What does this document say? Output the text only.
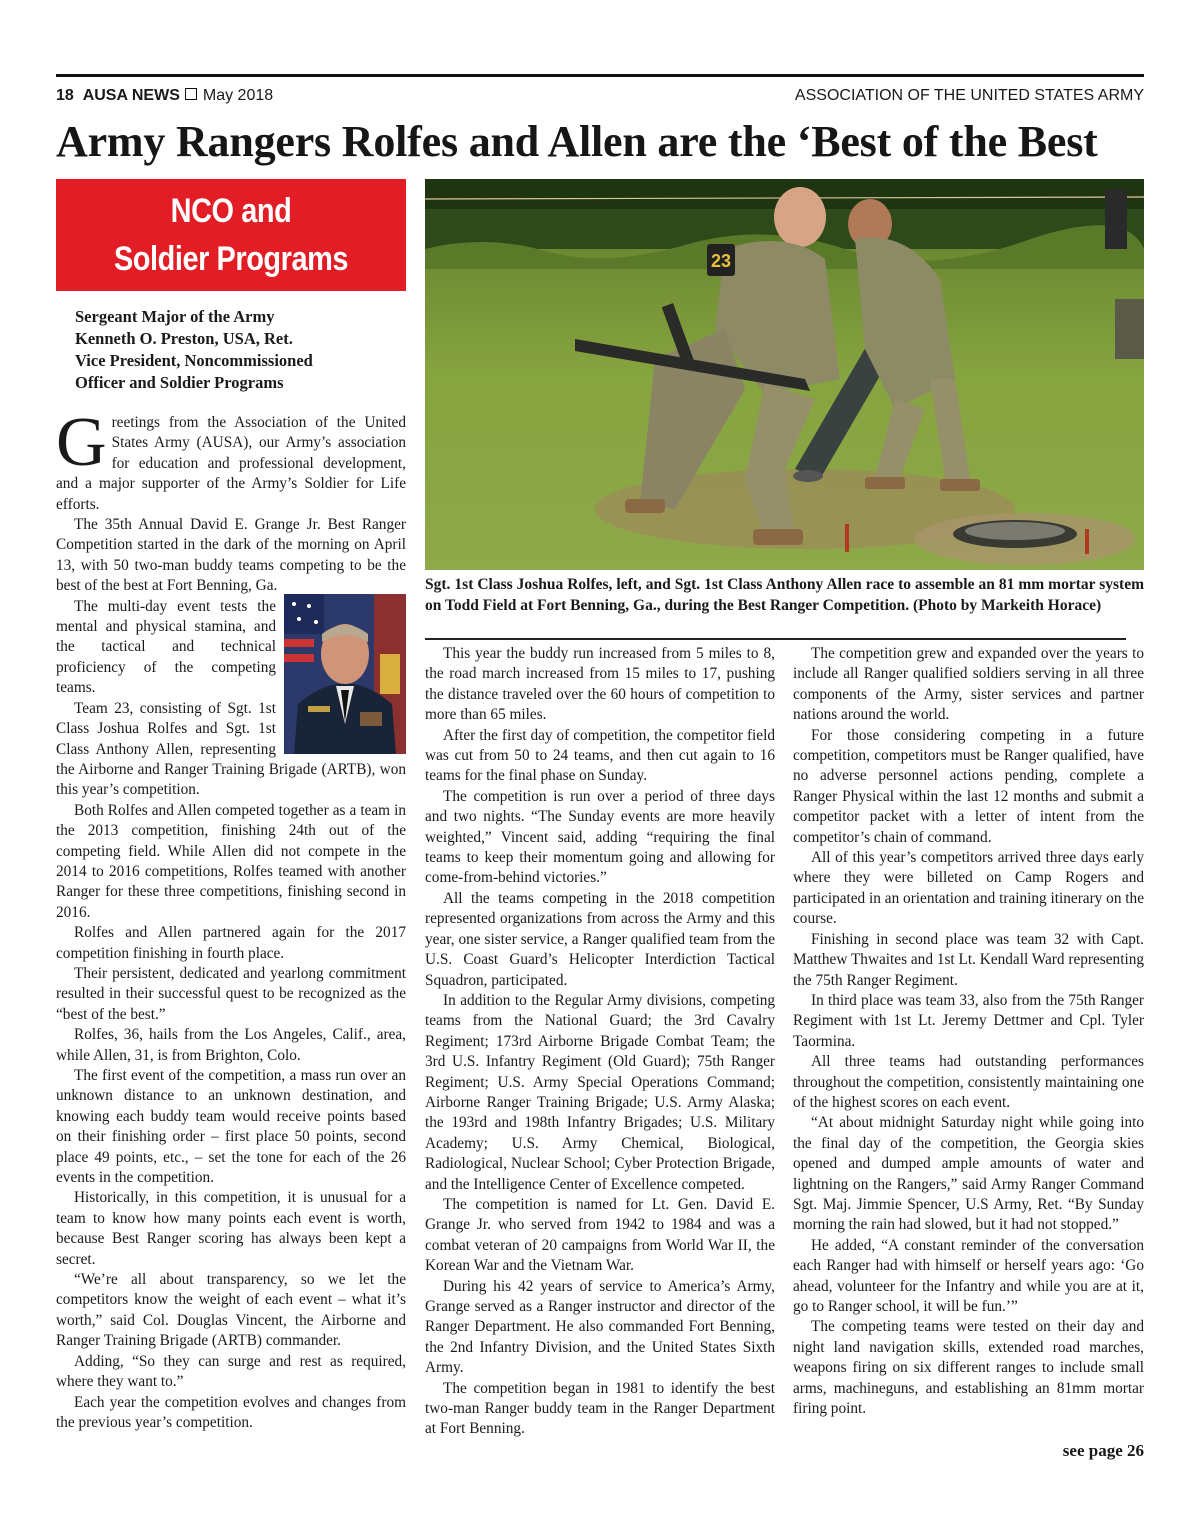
18 AUSA NEWS May 2018	ASSOCIATION OF THE UNITED STATES ARMY
Army Rangers Rolfes and Allen are the ‘Best of the Best
NCO and
Soldier Programs
Sergeant Major of the Army
Kenneth O. Preston, USA, Ret.
Vice President, Noncommissioned
Officer and Soldier Programs
23
Sgt. 1st Class Joshua Rolfes, left, and Sgt. 1st Class Anthony Allen race to assemble an 81 mm mortar system on Todd Field at Fort Benning, Ga., during the Best Ranger Competition. (Photo by Markeith Horace)

Greetings from the Association of the United States Army (AUSA), our Army’s association for education and professional development, and a major supporter of the Army’s Soldier for Life efforts.

The 35th Annual David E. Grange Jr. Best Ranger Competition started in the dark of the morning on April 13, with 50 two-man buddy teams competing to be the best of the best at Fort Benning, Ga.

The multi-day event tests the mental and physical stamina, and the tactical and technical proficiency of the competing teams.

Team 23, consisting of Sgt. 1st Class Joshua Rolfes and Sgt. 1st Class Anthony Allen, representing the Airborne and Ranger Training Brigade (ARTB), won this year’s competition.

Both Rolfes and Allen competed together as a team in the 2013 competition, finishing 24th out of the competing field. While Allen did not compete in the 2014 to 2016 competitions, Rolfes teamed with another Ranger for these three competitions, finishing second in 2016.

Rolfes and Allen partnered again for the 2017 competition finishing in fourth place.

Their persistent, dedicated and yearlong commitment resulted in their successful quest to be recognized as the “best of the best.”

Rolfes, 36, hails from the Los Angeles, Calif., area, while Allen, 31, is from Brighton, Colo.

The first event of the competition, a mass run over an unknown distance to an unknown destination, and knowing each buddy team would receive points based on their finishing order – first place 50 points, second place 49 points, etc., – set the tone for each of the 26 events in the competition.

Historically, in this competition, it is unusual for a team to know how many points each event is worth, because Best Ranger scoring has always been kept a secret.

“We’re all about transparency, so we let the competitors know the weight of each event – what it’s worth,” said Col. Douglas Vincent, the Airborne and Ranger Training Brigade (ARTB) commander.

Adding, “So they can surge and rest as required, where they want to.”

Each year the competition evolves and changes from the previous year’s competition.

This year the buddy run increased from 5 miles to 8, the road march increased from 15 miles to 17, pushing the distance traveled over the 60 hours of competition to more than 65 miles.

After the first day of competition, the competitor field was cut from 50 to 24 teams, and then cut again to 16 teams for the final phase on Sunday.

The competition is run over a period of three days and two nights. “The Sunday events are more heavily weighted,” Vincent said, adding “requiring the final teams to keep their momentum going and allowing for come-from-behind victories.”

All the teams competing in the 2018 competition represented organizations from across the Army and this year, one sister service, a Ranger qualified team from the U.S. Coast Guard’s Helicopter Interdiction Tactical Squadron, participated.

In addition to the Regular Army divisions, competing teams from the National Guard; the 3rd Cavalry Regiment; 173rd Airborne Brigade Combat Team; the 3rd U.S. Infantry Regiment (Old Guard); 75th Ranger Regiment; U.S. Army Special Operations Command; Airborne Ranger Training Brigade; U.S. Army Alaska; the 193rd and 198th Infantry Brigades; U.S. Military Academy; U.S. Army Chemical, Biological, Radiological, Nuclear School; Cyber Protection Brigade, and the Intelligence Center of Excellence competed.

The competition is named for Lt. Gen. David E. Grange Jr. who served from 1942 to 1984 and was a combat veteran of 20 campaigns from World War II, the Korean War and the Vietnam War.

During his 42 years of service to America’s Army, Grange served as a Ranger instructor and director of the Ranger Department. He also commanded Fort Benning, the 2nd Infantry Division, and the United States Sixth Army.

The competition began in 1981 to identify the best two-man Ranger buddy team in the Ranger Department at Fort Benning.

The competition grew and expanded over the years to include all Ranger qualified soldiers serving in all three components of the Army, sister services and partner nations around the world.

For those considering competing in a future competition, competitors must be Ranger qualified, have no adverse personnel actions pending, complete a Ranger Physical within the last 12 months and submit a competitor packet with a letter of intent from the competitor’s chain of command.

All of this year’s competitors arrived three days early where they were billeted on Camp Rogers and participated in an orientation and training itinerary on the course.

Finishing in second place was team 32 with Capt. Matthew Thwaites and 1st Lt. Kendall Ward representing the 75th Ranger Regiment.

In third place was team 33, also from the 75th Ranger Regiment with 1st Lt. Jeremy Dettmer and Cpl. Tyler Taormina.

All three teams had outstanding performances throughout the competition, consistently maintaining one of the highest scores on each event.

“At about midnight Saturday night while going into the final day of the competition, the Georgia skies opened and dumped ample amounts of water and lightning on the Rangers,” said Army Ranger Command Sgt. Maj. Jimmie Spencer, U.S Army, Ret. “By Sunday morning the rain had slowed, but it had not stopped.”

He added, “A constant reminder of the conversation each Ranger had with himself or herself years ago: ‘Go ahead, volunteer for the Infantry and while you are at it, go to Ranger school, it will be fun.’”

The competing teams were tested on their day and night land navigation skills, extended road marches, weapons firing on six different ranges to include small arms, machineguns, and establishing an 81mm mortar firing point.

see page 26
